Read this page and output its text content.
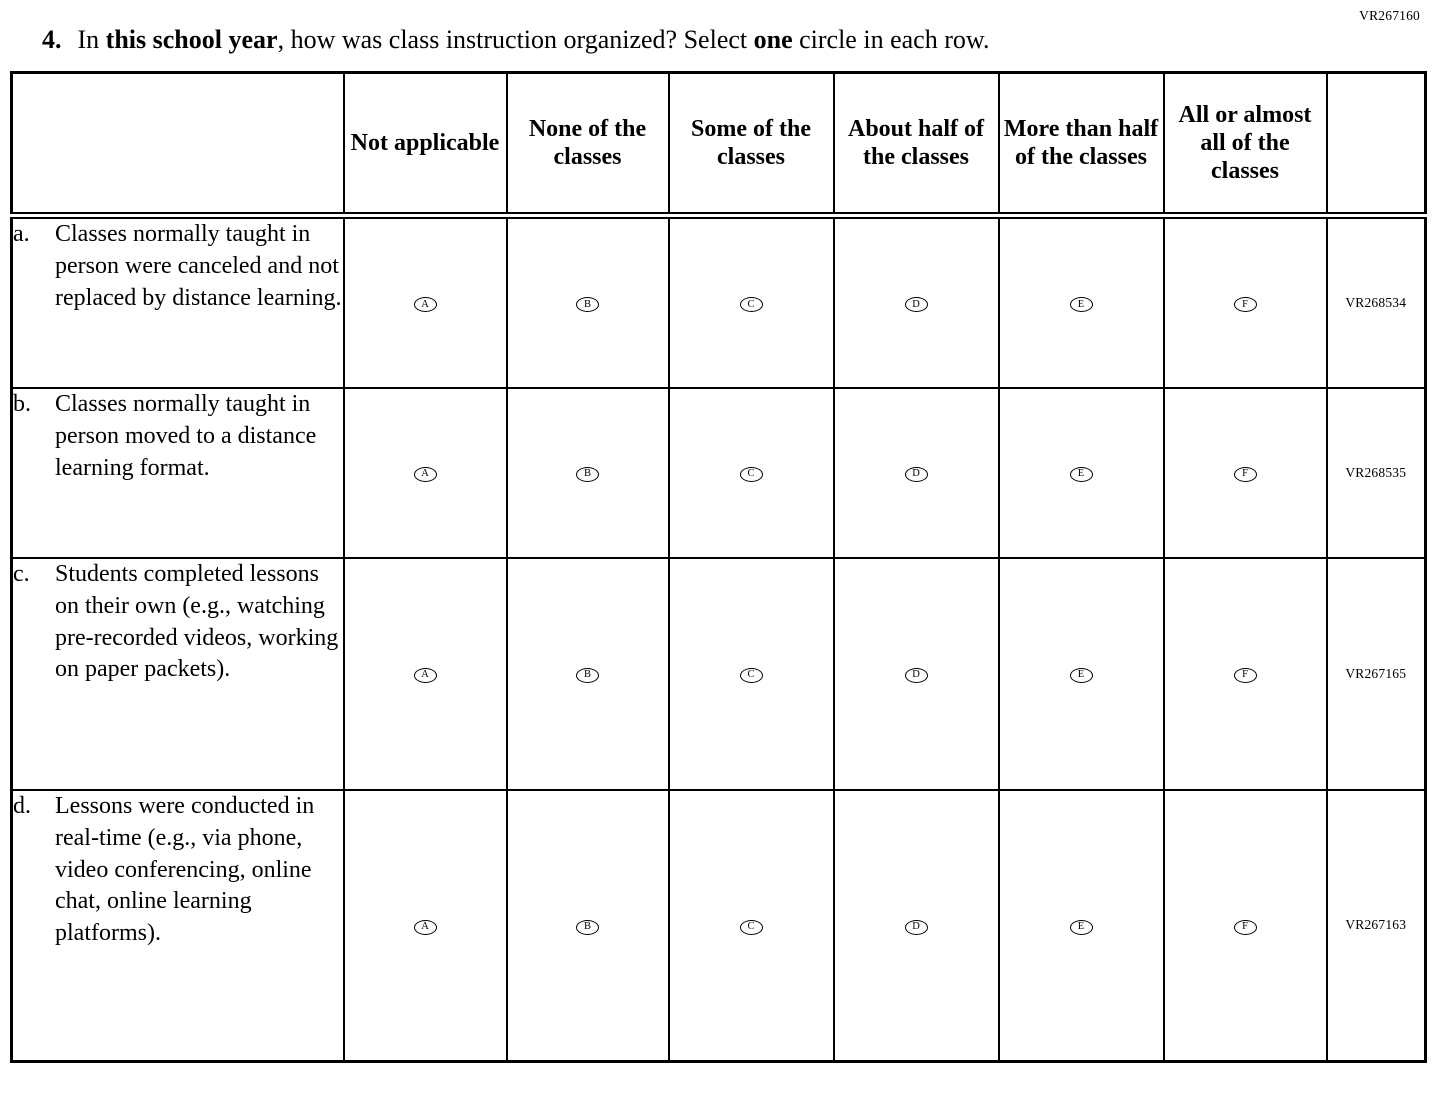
VR267160
4. In this school year, how was class instruction organized? Select one circle in each row.
	Not applicable	None of the classes	Some of the classes	About half of the classes	More than half of the classes	All or almost all of the classes	

a. Classes normally taught in person were canceled and not replaced by distance learning.	A	B	C	D	E	F	VR268534

b. Classes normally taught in person moved to a distance learning format.	A	B	C	D	E	F	VR268535

c. Students completed lessons on their own (e.g., watching pre-recorded videos, working on paper packets).	A	B	C	D	E	F	VR267165

d. Lessons were conducted in real-time (e.g., via phone, video conferencing, online chat, online learning platforms).	A	B	C	D	E	F	VR267163
